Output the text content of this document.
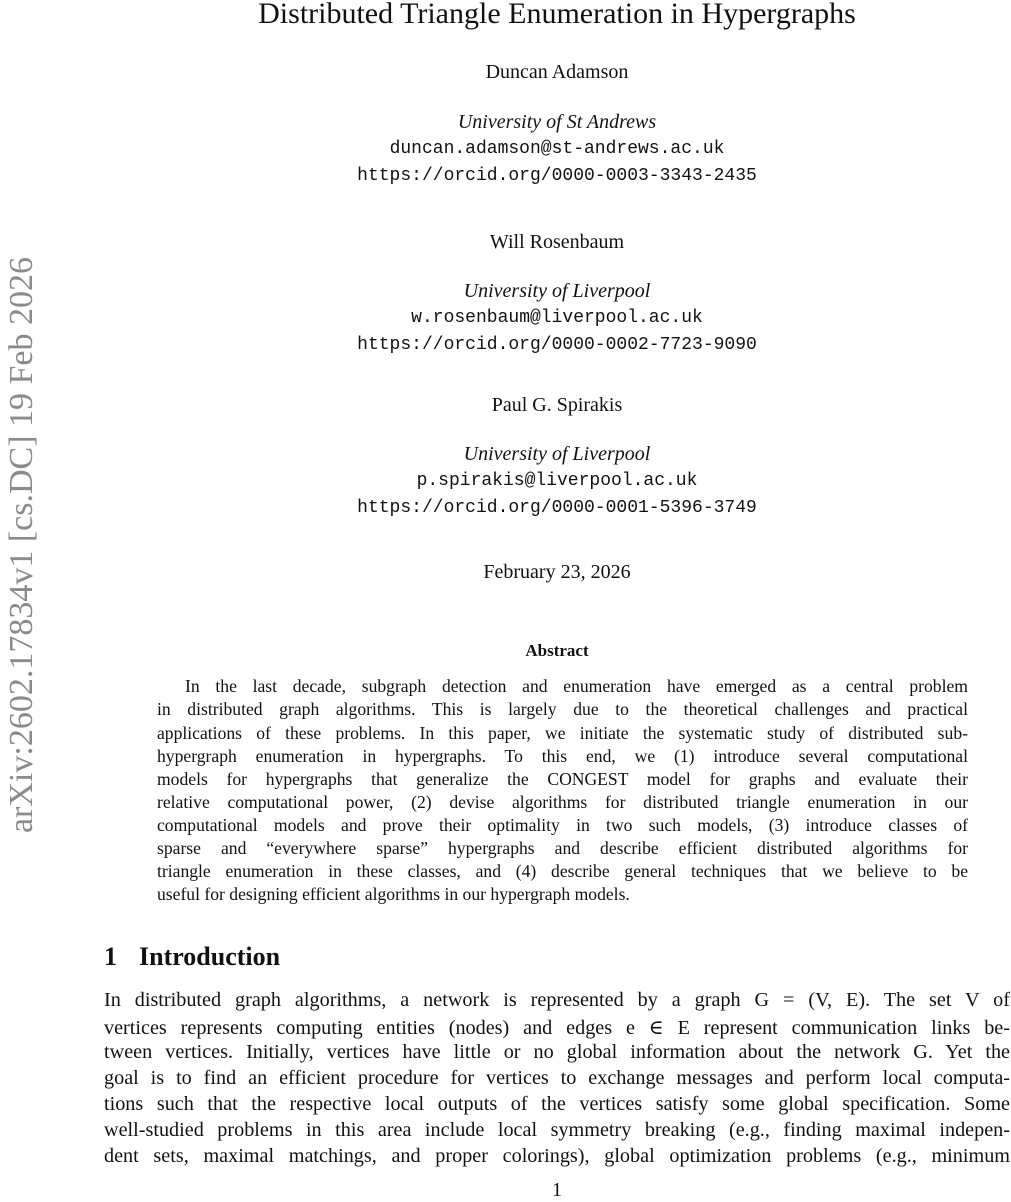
arXiv:2602.17834v1 [cs.DC] 19 Feb 2026
Distributed Triangle Enumeration in Hypergraphs
Duncan Adamson
University of St Andrews
duncan.adamson@st-andrews.ac.uk
https://orcid.org/0000-0003-3343-2435
Will Rosenbaum
University of Liverpool
w.rosenbaum@liverpool.ac.uk
https://orcid.org/0000-0002-7723-9090
Paul G. Spirakis
University of Liverpool
p.spirakis@liverpool.ac.uk
https://orcid.org/0000-0001-5396-3749
February 23, 2026
Abstract
In the last decade, subgraph detection and enumeration have emerged as a central problem
in distributed graph algorithms. This is largely due to the theoretical challenges and practical
applications of these problems. In this paper, we initiate the systematic study of distributed sub-
hypergraph enumeration in hypergraphs. To this end, we (1) introduce several computational
models for hypergraphs that generalize the CONGEST model for graphs and evaluate their
relative computational power, (2) devise algorithms for distributed triangle enumeration in our
computational models and prove their optimality in two such models, (3) introduce classes of
sparse and “everywhere sparse” hypergraphs and describe efficient distributed algorithms for
triangle enumeration in these classes, and (4) describe general techniques that we believe to be
useful for designing efficient algorithms in our hypergraph models.
1 Introduction
In distributed graph algorithms, a network is represented by a graph G = (V, E). The set V of
vertices represents computing entities (nodes) and edges e ∈ E represent communication links be-
tween vertices. Initially, vertices have little or no global information about the network G. Yet the
goal is to find an efficient procedure for vertices to exchange messages and perform local computa-
tions such that the respective local outputs of the vertices satisfy some global specification. Some
well-studied problems in this area include local symmetry breaking (e.g., finding maximal indepen-
dent sets, maximal matchings, and proper colorings), global optimization problems (e.g., minimum
1
